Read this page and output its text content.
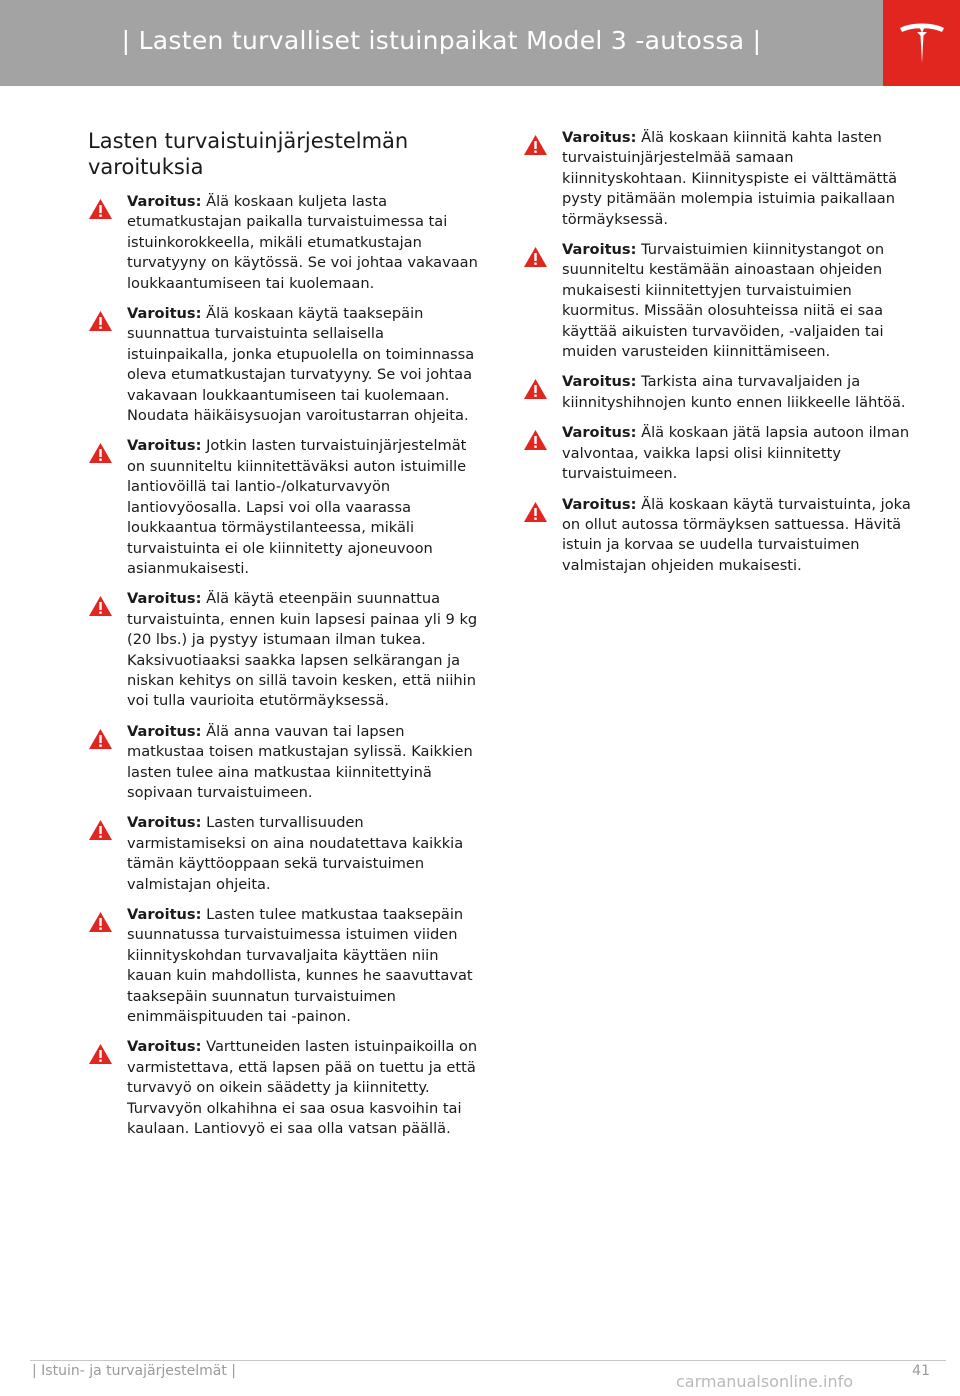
| Lasten turvalliset istuinpaikat Model 3 -autossa |
Lasten turvaistuinjärjestelmän varoituksia

Varoitus: Älä koskaan kuljeta lasta etumatkustajan paikalla turvaistuimessa tai istuinkorokkeella, mikäli etumatkustajan turvatyyny on käytössä. Se voi johtaa vakavaan loukkaantumiseen tai kuolemaan.

Varoitus: Älä koskaan käytä taaksepäin suunnattua turvaistuinta sellaisella istuinpaikalla, jonka etupuolella on toiminnassa oleva etumatkustajan turvatyyny. Se voi johtaa vakavaan loukkaantumiseen tai kuolemaan. Noudata häikäisysuojan varoitustarran ohjeita.

Varoitus: Jotkin lasten turvaistuinjärjestelmät on suunniteltu kiinnitettäväksi auton istuimille lantiovöillä tai lantio-/olkaturvavyön lantiovyöosalla. Lapsi voi olla vaarassa loukkaantua törmäystilanteessa, mikäli turvaistuinta ei ole kiinnitetty ajoneuvoon asianmukaisesti.

Varoitus: Älä käytä eteenpäin suunnattua turvaistuinta, ennen kuin lapsesi painaa yli 9 kg (20 lbs.) ja pystyy istumaan ilman tukea. Kaksivuotiaaksi saakka lapsen selkärangan ja niskan kehitys on sillä tavoin kesken, että niihin voi tulla vaurioita etutörmäyksessä.

Varoitus: Älä anna vauvan tai lapsen matkustaa toisen matkustajan sylissä. Kaikkien lasten tulee aina matkustaa kiinnitettyinä sopivaan turvaistuimeen.

Varoitus: Lasten turvallisuuden varmistamiseksi on aina noudatettava kaikkia tämän käyttöoppaan sekä turvaistuimen valmistajan ohjeita.

Varoitus: Lasten tulee matkustaa taaksepäin suunnatussa turvaistuimessa istuimen viiden kiinnityskohdan turvavaljaita käyttäen niin kauan kuin mahdollista, kunnes he saavuttavat taaksepäin suunnatun turvaistuimen enimmäispituuden tai -painon.

Varoitus: Varttuneiden lasten istuinpaikoilla on varmistettava, että lapsen pää on tuettu ja että turvavyö on oikein säädetty ja kiinnitetty. Turvavyön olkahihna ei saa osua kasvoihin tai kaulaan. Lantiovyö ei saa olla vatsan päällä.

Varoitus: Älä koskaan kiinnitä kahta lasten turvaistuinjärjestelmää samaan kiinnityskohtaan. Kiinnityspiste ei välttämättä pysty pitämään molempia istuimia paikallaan törmäyksessä.

Varoitus: Turvaistuimien kiinnitystangot on suunniteltu kestämään ainoastaan ohjeiden mukaisesti kiinnitettyjen turvaistuimien kuormitus. Missään olosuhteissa niitä ei saa käyttää aikuisten turvavöiden, -valjaiden tai muiden varusteiden kiinnittämiseen.

Varoitus: Tarkista aina turvavaljaiden ja kiinnityshihnojen kunto ennen liikkeelle lähtöä.

Varoitus: Älä koskaan jätä lapsia autoon ilman valvontaa, vaikka lapsi olisi kiinnitetty turvaistuimeen.

Varoitus: Älä koskaan käytä turvaistuinta, joka on ollut autossa törmäyksen sattuessa. Hävitä istuin ja korvaa se uudella turvaistuimen valmistajan ohjeiden mukaisesti.

| Istuin- ja turvajärjestelmät |	41
carmanualsonline.info
